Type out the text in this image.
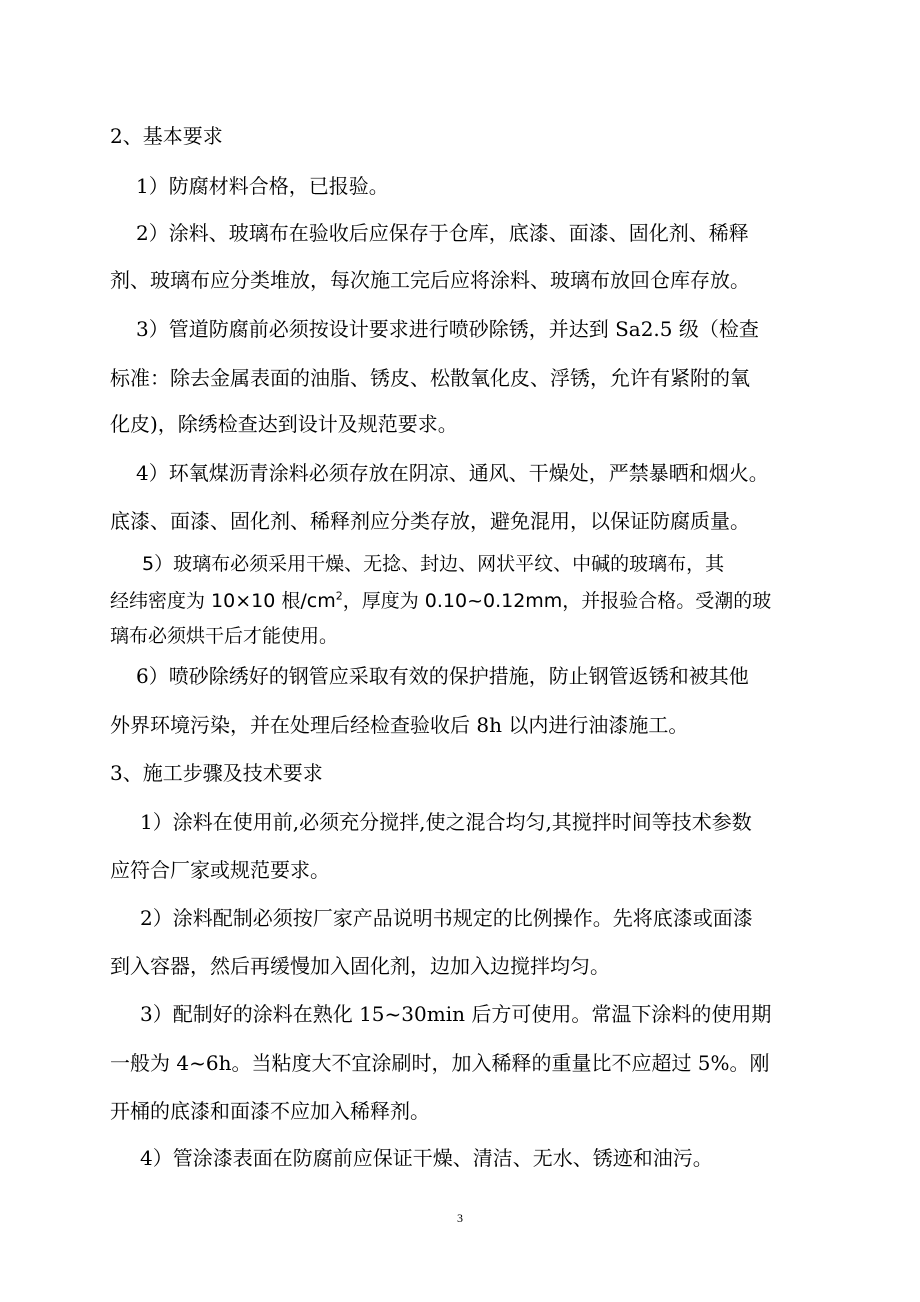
2、基本要求
1）防腐材料合格，已报验。
2）涂料、玻璃布在验收后应保存于仓库，底漆、面漆、固化剂、稀释
剂、玻璃布应分类堆放，每次施工完后应将涂料、玻璃布放回仓库存放。
3）管道防腐前必须按设计要求进行喷砂除锈，并达到 Sa2.5 级（检查
标准：除去金属表面的油脂、锈皮、松散氧化皮、浮锈，允许有紧附的氧
化皮)，除绣检查达到设计及规范要求。
4）环氧煤沥青涂料必须存放在阴凉、通风、干燥处，严禁暴晒和烟火。
底漆、面漆、固化剂、稀释剂应分类存放，避免混用，以保证防腐质量。
5）玻璃布必须采用干燥、无捻、封边、网状平纹、中碱的玻璃布，其
经纬密度为 10×10 根$/cm^2$，厚度为 0.10~0.12mm，并报验合格。受潮的玻
璃布必须烘干后才能使用。
6）喷砂除绣好的钢管应采取有效的保护措施，防止钢管返锈和被其他
外界环境污染，并在处理后经检查验收后 8h 以内进行油漆施工。
3、施工步骤及技术要求
1）涂料在使用前,必须充分搅拌,使之混合均匀,其搅拌时间等技术参数
应符合厂家或规范要求。
2）涂料配制必须按厂家产品说明书规定的比例操作。先将底漆或面漆
到入容器，然后再缓慢加入固化剂，边加入边搅拌均匀。
3）配制好的涂料在熟化 15~30min 后方可使用。常温下涂料的使用期
一般为 4~6h。当粘度大不宜涂刷时，加入稀释的重量比不应超过 5%。刚
开桶的底漆和面漆不应加入稀释剂。
4）管涂漆表面在防腐前应保证干燥、清洁、无水、锈迹和油污。
3
